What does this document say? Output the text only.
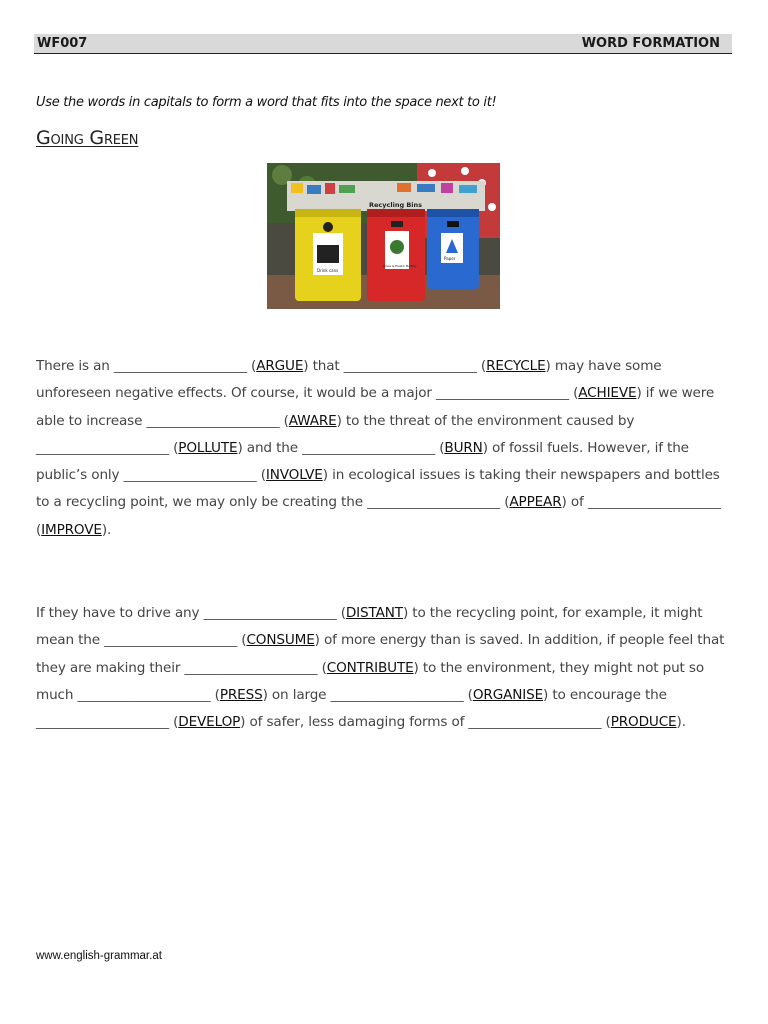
WF007	WORD FORMATION
Use the words in capitals to form a word that fits into the space next to it!
Going Green
Recycling Bins
Drink cans
Glass & Plastic Bottles
Paper
There is an ____________________ (ARGUE) that ____________________ (RECYCLE) may have some unforeseen negative effects. Of course, it would be a major ____________________ (ACHIEVE) if we were able to increase ____________________ (AWARE) to the threat of the environment caused by ____________________ (POLLUTE) and the ____________________ (BURN) of fossil fuels. However, if the public’s only ____________________ (INVOLVE) in ecological issues is taking their newspapers and bottles to a recycling point, we may only be creating the ____________________ (APPEAR) of ____________________ (IMPROVE).
If they have to drive any ____________________ (DISTANT) to the recycling point, for example, it might mean the ____________________ (CONSUME) of more energy than is saved. In addition, if people feel that they are making their ____________________ (CONTRIBUTE) to the environment, they might not put so much ____________________ (PRESS) on large ____________________ (ORGANISE) to encourage the ____________________ (DEVELOP) of safer, less damaging forms of ____________________ (PRODUCE).
www.english-grammar.at
